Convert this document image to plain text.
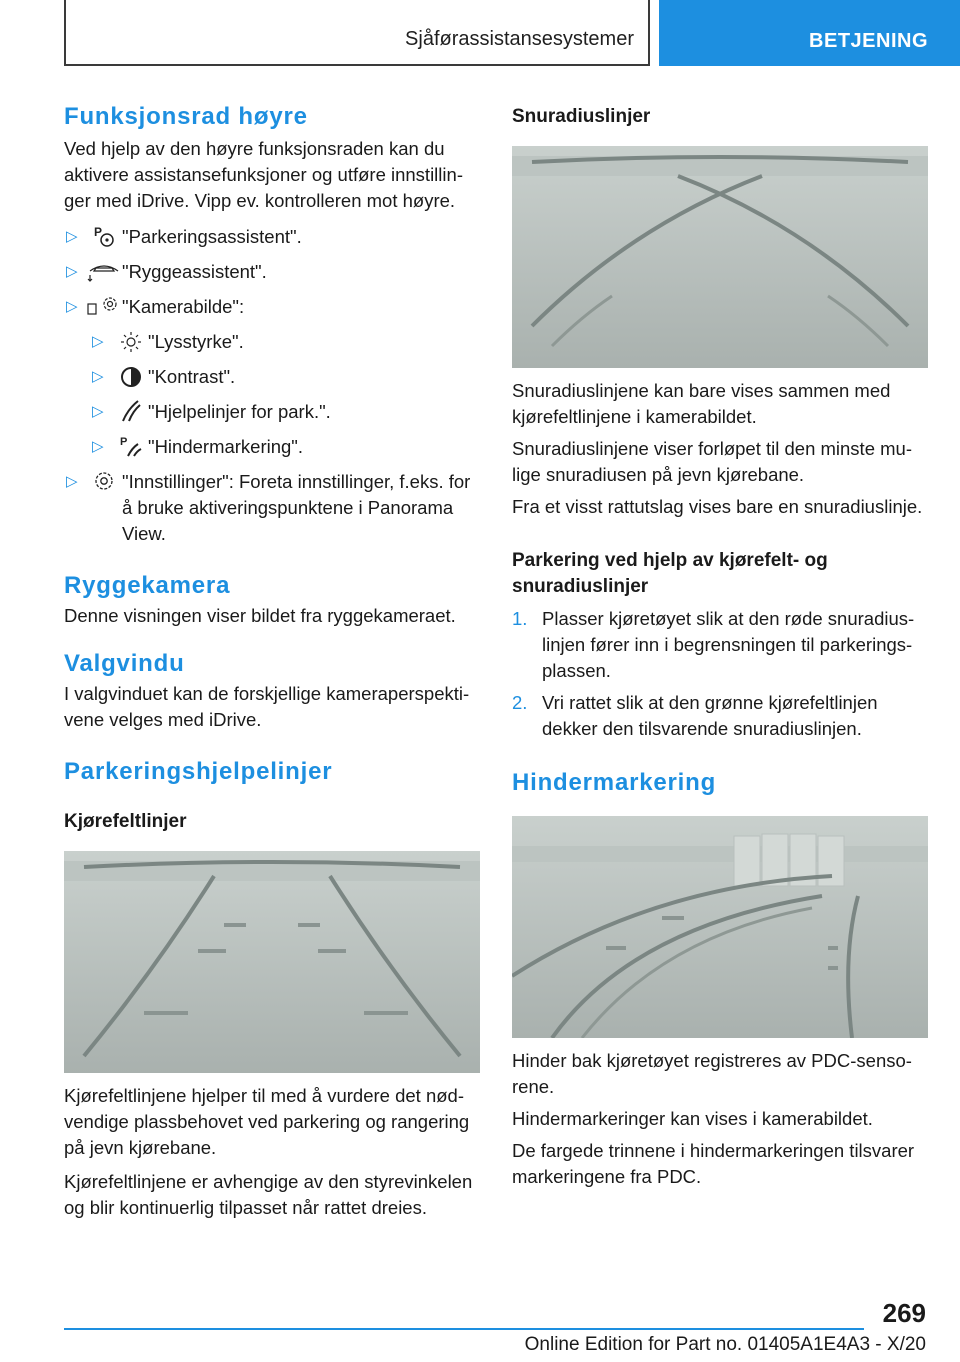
Sjåførassistansesystemer	BETJENING
Funksjonsrad høyre

Ved hjelp av den høyre funksjonsraden kan du aktivere assistansefunksjoner og utføre innstillinger med iDrive. Vipp ev. kontrolleren mot høyre.

▷ P "Parkeringsassistent".
▷ "Ryggeassistent".
▷ "Kamerabilde":
▷ "Lysstyrke".
▷ "Kontrast".
▷ "Hjelpelinjer for park.".
▷ P "Hindermarkering".
▷ "Innstillinger": Foreta innstillinger, f.eks. for å bruke aktiveringspunktene i Panorama View.
Ryggekamera

Denne visningen viser bildet fra ryggekameraet.

Valgvindu

I valgvinduet kan de forskjellige kameraperspektivene velges med iDrive.

Parkeringshjelpelinjer
Kjørefeltlinjer

Kjørefeltlinjene hjelper til med å vurdere det nødvendige plassbehovet ved parkering og rangering på jevn kjørebane.

Kjørefeltlinjene er avhengige av den styrevinkelen og blir kontinuerlig tilpasset når rattet dreies.

Snuradiuslinjer

Snuradiuslinjene kan bare vises sammen med kjørefeltlinjene i kamerabildet.

Snuradiuslinjene viser forløpet til den minste mulige snuradiusen på jevn kjørebane.

Fra et visst rattutslag vises bare en snuradiuslinje.

Parkering ved hjelp av kjørefelt- og snuradiuslinjer
1. Plasser kjøretøyet slik at den røde snuradiuslinjen fører inn i begrensningen til parkeringsplassen.
2. Vri rattet slik at den grønne kjørefeltlinjen dekker den tilsvarende snuradiuslinjen.
Hindermarkering

Hinder bak kjøretøyet registreres av PDC-sensorene.

Hindermarkeringer kan vises i kamerabildet.

De fargede trinnene i hindermarkeringen tilsvarer markeringene fra PDC.

269
Online Edition for Part no. 01405A1E4A3 - X/20
